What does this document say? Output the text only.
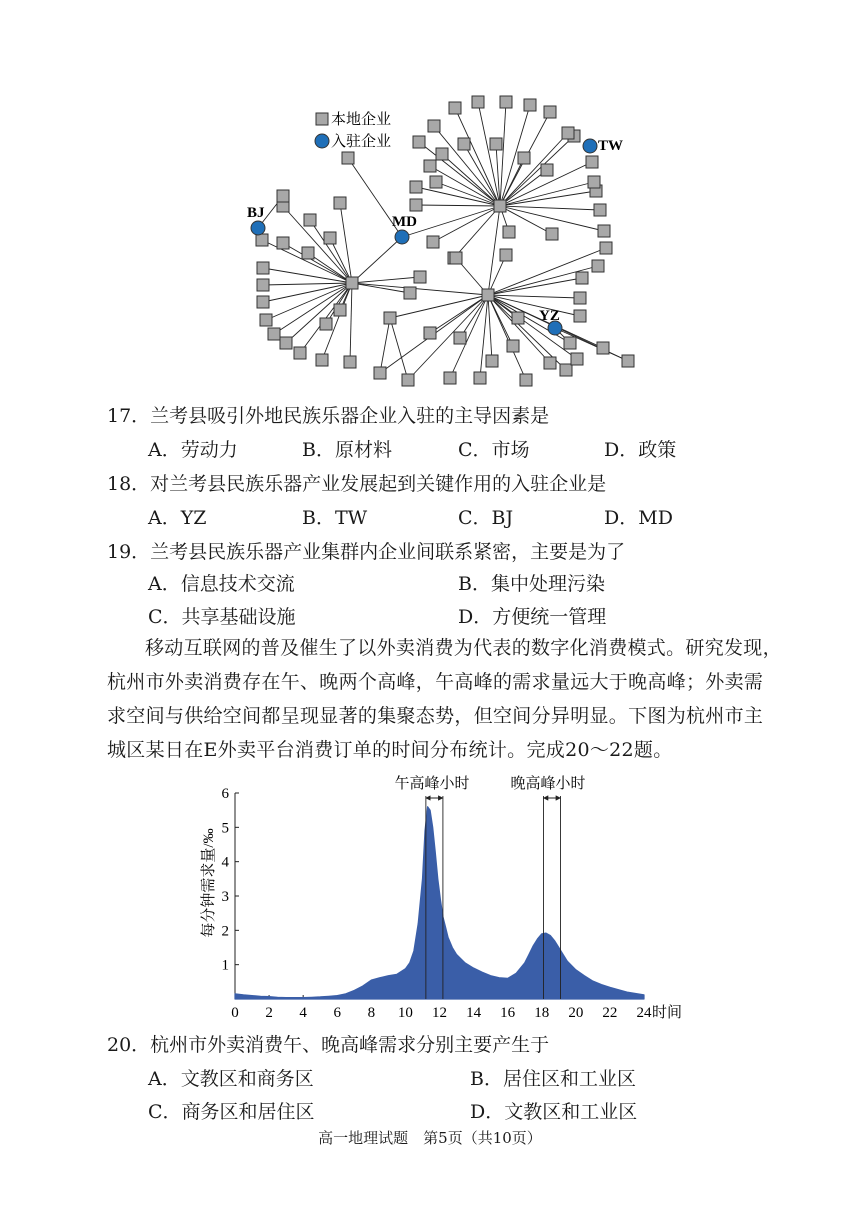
本地企业
入驻企业	TW
BJ
MD
YZ
17．兰考县吸引外地民族乐器企业入驻的主导因素是
A．劳动力	B．原材料	C．市场	D．政策
18．对兰考县民族乐器产业发展起到关键作用的入驻企业是
A．YZ	B．TW	C．BJ	D．MD
19．兰考县民族乐器产业集群内企业间联系紧密，主要是为了
A．信息技术交流	B．集中处理污染
C．共享基础设施	D．方便统一管理
移动互联网的普及催生了以外卖消费为代表的数字化消费模式。研究发现，
杭州市外卖消费存在午、晚两个高峰，午高峰的需求量远大于晚高峰；外卖需
求空间与供给空间都呈现显著的集聚态势，但空间分异明显。下图为杭州市主
城区某日在E外卖平台消费订单的时间分布统计。完成20～22题。
每分钟需求量/‰
1
2
3
4
5
6
0 2 4 6 8 10 12 14 16 18 20 22 24
午高峰小时	晚高峰小时
时间
20．杭州市外卖消费午、晚高峰需求分别主要产生于
A．文教区和商务区	B．居住区和工业区
C．商务区和居住区	D．文教区和工业区
高一地理试题　第5页（共10页）
